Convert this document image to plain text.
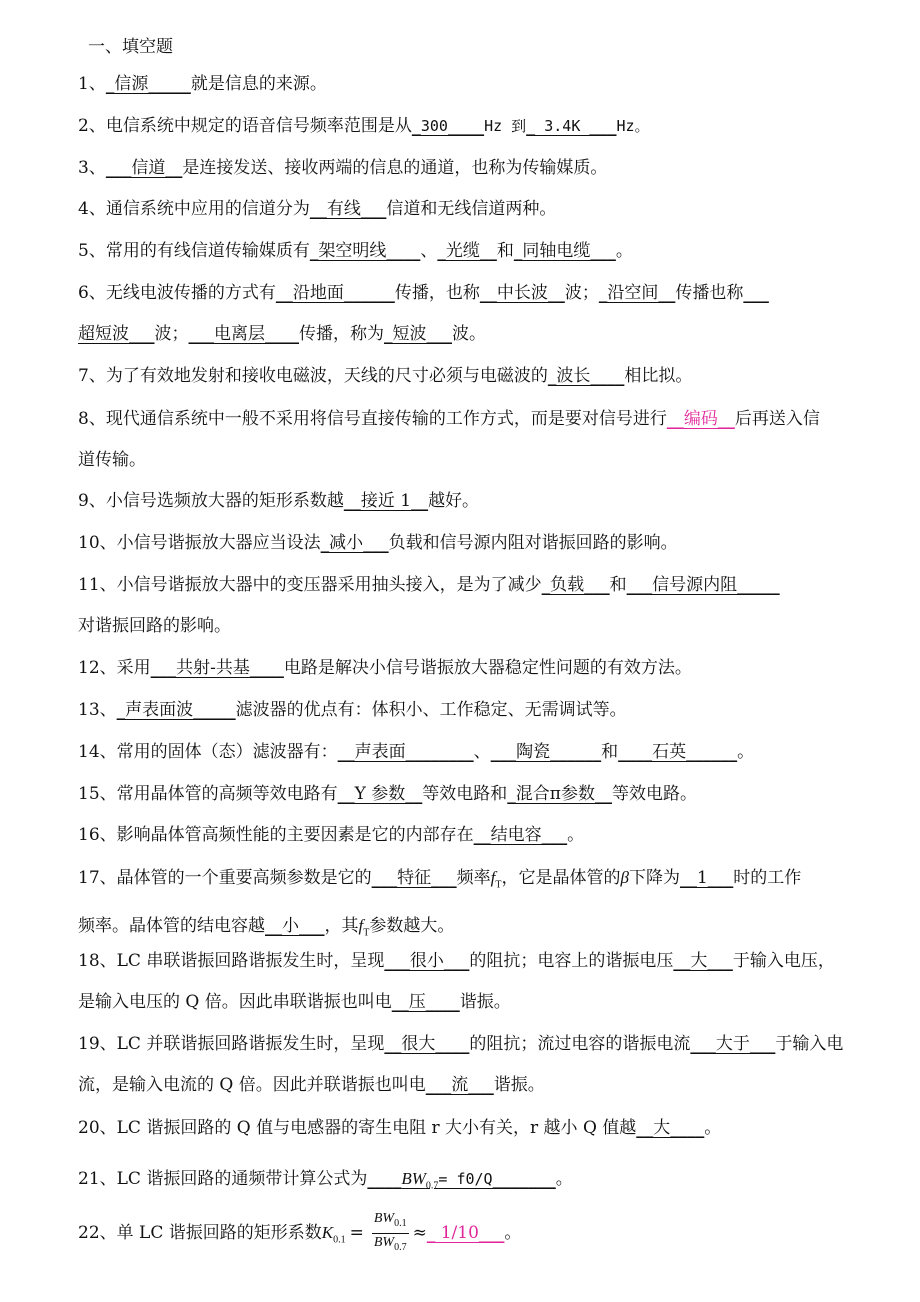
一、填空题
1、_信源_____就是信息的来源。
2、电信系统中规定的语音信号频率范围是从_300____Hz 到_ 3.4K ___Hz。
3、___信道__是连接发送、接收两端的信息的通道，也称为传输媒质。
4、通信系统中应用的信道分为__有线___信道和无线信道两种。
5、常用的有线信道传输媒质有_架空明线____、_光缆__和_同轴电缆___。
6、无线电波传播的方式有__沿地面______传播，也称__中长波__波；_沿空间__传播也称___
超短波___波；___电离层____传播，称为_短波___波。
7、为了有效地发射和接收电磁波，天线的尺寸必须与电磁波的_波长____相比拟。
8、现代通信系统中一般不采用将信号直接传输的工作方式，而是要对信号进行__编码__后再送入信
道传输。
9、小信号选频放大器的矩形系数越__接近 1__越好。
10、小信号谐振放大器应当设法_减小___负载和信号源内阻对谐振回路的影响。
11、小信号谐振放大器中的变压器采用抽头接入，是为了减少_负载___和___信号源内阻_____
对谐振回路的影响。
12、采用___共射-共基____电路是解决小信号谐振放大器稳定性问题的有效方法。
13、_声表面波_____滤波器的优点有：体积小、工作稳定、无需调试等。
14、常用的固体（态）滤波器有：__声表面________、___陶瓷______和____石英______。
15、常用晶体管的高频等效电路有__Y 参数__等效电路和_混合π参数__等效电路。
16、影响晶体管高频性能的主要因素是它的内部存在__结电容___。
17、晶体管的一个重要高频参数是它的___特征___频率$f_T$，它是晶体管的β下降为__1___时的工作
频率。晶体管的结电容越__小___，其$f_T$参数越大。
18、LC 串联谐振回路谐振发生时，呈现___很小___的阻抗；电容上的谐振电压__大___于输入电压，
是输入电压的 Q 倍。因此串联谐振也叫电__压____谐振。
19、LC 并联谐振回路谐振发生时，呈现__很大____的阻抗；流过电容的谐振电流___大于___于输入电
流，是输入电流的 Q 倍。因此并联谐振也叫电___流___谐振。
20、LC 谐振回路的 Q 值与电感器的寄生电阻 r 大小有关，r 越小 Q 值越__大____。
21、LC 谐振回路的通频带计算公式为$\_\_\_\_BW_{0.7}=$ f0/Q_______。
22、单 LC 谐振回路的矩形系数$K_{0.1} = \frac{BW_{0.1}}{BW_{0.7}}$ ≈_ 1/10___。
